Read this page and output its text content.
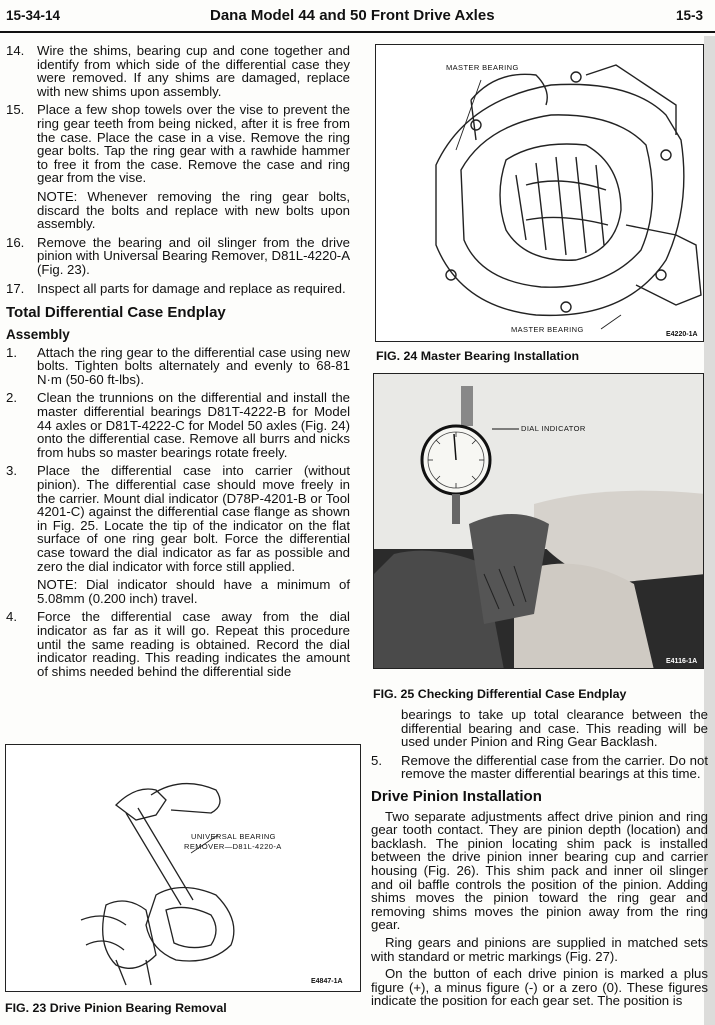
15-34-14	Dana Model 44 and 50 Front Drive Axles	15-3
14. Wire the shims, bearing cup and cone together and identify from which side of the differential case they were removed. If any shims are damaged, replace with new shims upon assembly.
15. Place a few shop towels over the vise to prevent the ring gear teeth from being nicked, after it is free from the case. Place the case in a vise. Remove the ring gear bolts. Tap the ring gear with a rawhide hammer to free it from the case. Remove the case and ring gear from the vise.
NOTE: Whenever removing the ring gear bolts, discard the bolts and replace with new bolts upon assembly.
16. Remove the bearing and oil slinger from the drive pinion with Universal Bearing Remover, D81L-4220-A (Fig. 23).
17. Inspect all parts for damage and replace as required.
Total Differential Case Endplay
Assembly
1.	Attach the ring gear to the differential case using new bolts. Tighten bolts alternately and evenly to 68-81 N·m (50-60 ft-lbs).
2.	Clean the trunnions on the differential and install the master differential bearings D81T-4222-B for Model 44 axles or D81T-4222-C for Model 50 axles (Fig. 24) onto the differential case. Remove all burrs and nicks from hubs so master bearings rotate freely.
3.	Place the differential case into carrier (without pinion). The differential case should move freely in the carrier. Mount dial indicator (D78P-4201-B or Tool 4201-C) against the differential case flange as shown in Fig. 25. Locate the tip of the indicator on the flat surface of one ring gear bolt. Force the differential case toward the dial indicator as far as possible and zero the dial indicator with force still applied.
NOTE: Dial indicator should have a minimum of 5.08mm (0.200 inch) travel.
4.	Force the differential case away from the dial indicator as far as it will go. Repeat this procedure until the same reading is obtained. Record the dial indicator reading. This reading indicates the amount of shims needed behind the differential side
MASTER BEARING
MASTER BEARING
E4220-1A
FIG. 24 Master Bearing Installation
DIAL INDICATOR
E4116-1A
FIG. 25 Checking Differential Case Endplay
UNIVERSAL BEARING
REMOVER—D81L-4220-A
E4847-1A
FIG. 23 Drive Pinion Bearing Removal
bearings to take up total clearance between the differential bearing and case. This reading will be used under Pinion and Ring Gear Backlash.
5.	Remove the differential case from the carrier. Do not remove the master differential bearings at this time.
Drive Pinion Installation
Two separate adjustments affect drive pinion and ring gear tooth contact. They are pinion depth (location) and backlash. The pinion locating shim pack is installed between the drive pinion inner bearing cup and carrier housing (Fig. 26). This shim pack and inner oil slinger and oil baffle controls the position of the pinion. Adding shims moves the pinion toward the ring gear and removing shims moves the pinion away from the ring gear.
Ring gears and pinions are supplied in matched sets with standard or metric markings (Fig. 27).
On the button of each drive pinion is marked a plus figure (+), a minus figure (-) or a zero (0). These figures indicate the position for each gear set. The position is
